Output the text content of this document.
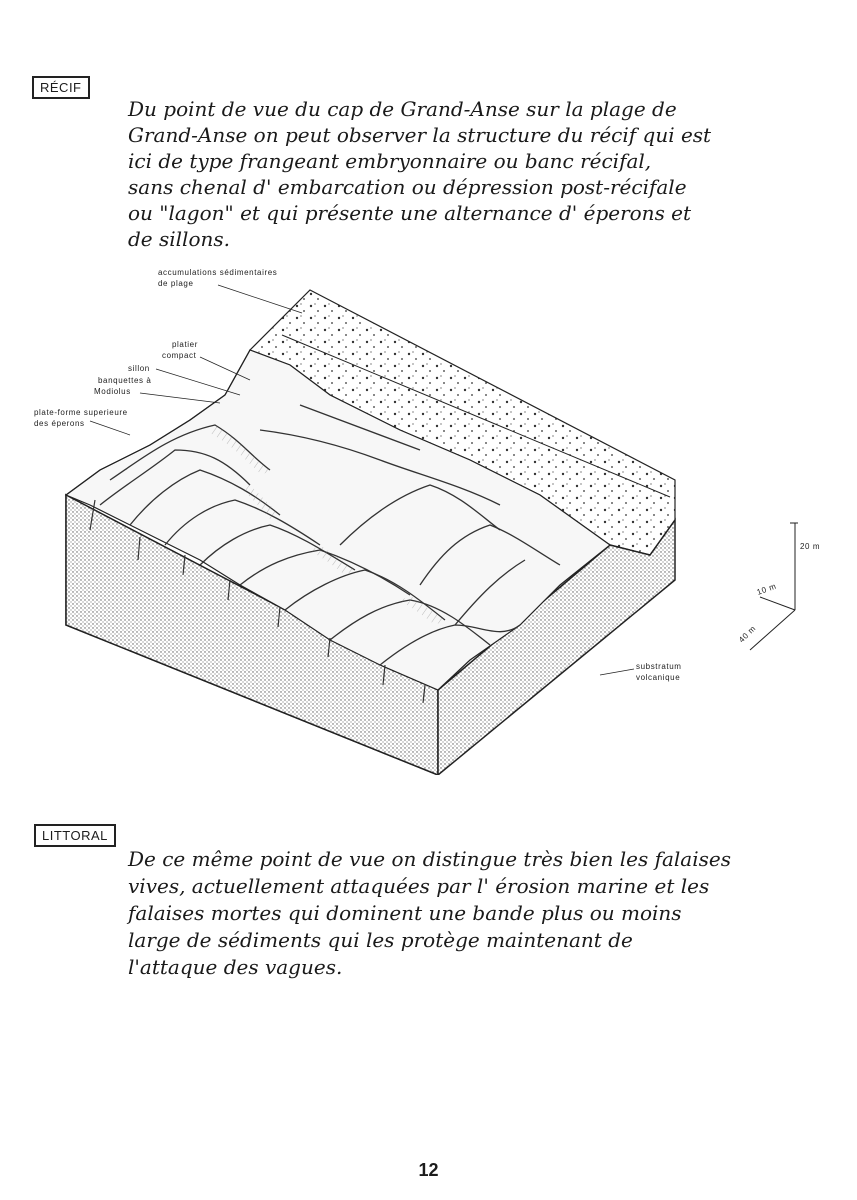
RÉCIF
Du point de vue du cap de Grand-Anse sur la plage de
Grand-Anse on peut observer la structure du récif qui est
ici de type frangeant embryonnaire ou banc récifal,
sans chenal d' embarcation ou dépression post-récifale
ou "lagon" et qui présente une alternance d' éperons et
de sillons.
accumulations sédimentaires
de plage
platier
compact
sillon
banquettes à
Modiolus
plate-forme superieure
des éperons
substratum
volcanique
20 m
10 m
40 m
LITTORAL
De ce même point de vue on distingue très bien les falaises
vives, actuellement attaquées par l' érosion marine et les
falaises mortes qui dominent une bande plus ou moins
large de sédiments qui les protège maintenant de
l'attaque des vagues.
12
